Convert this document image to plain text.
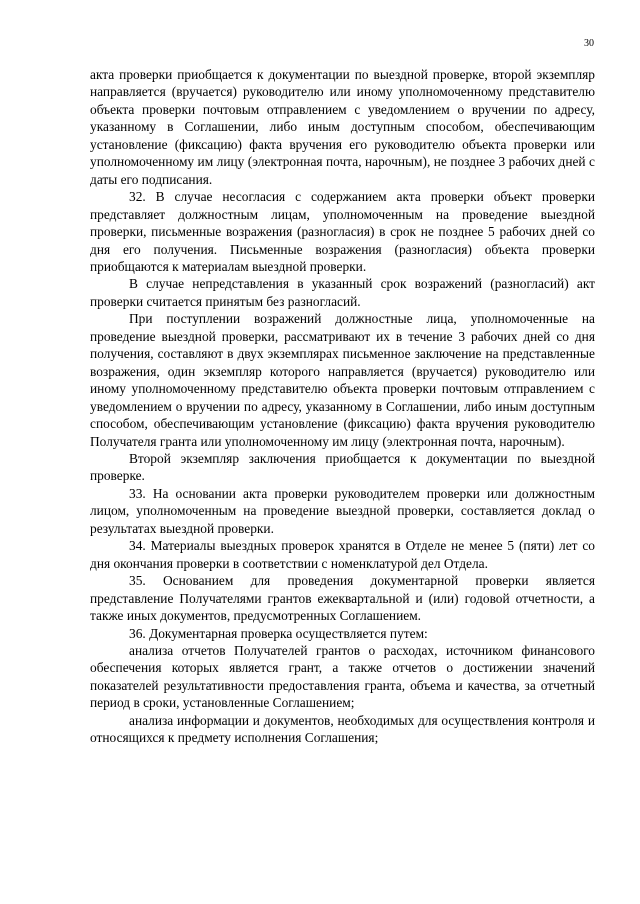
30

акта проверки приобщается к документации по выездной проверке, второй экземпляр направляется (вручается) руководителю или иному уполномоченному представителю объекта проверки почтовым отправлением с уведомлением о вручении по адресу, указанному в Соглашении, либо иным доступным способом, обеспечивающим установление (фиксацию) факта вручения его руководителю объекта проверки или уполномоченному им лицу (электронная почта, нарочным), не позднее 3 рабочих дней с даты его подписания.

32. В случае несогласия с содержанием акта проверки объект проверки представляет должностным лицам, уполномоченным на проведение выездной проверки, письменные возражения (разногласия) в срок не позднее 5 рабочих дней со дня его получения. Письменные возражения (разногласия) объекта проверки приобщаются к материалам выездной проверки.

В случае непредставления в указанный срок возражений (разногласий) акт проверки считается принятым без разногласий.

При поступлении возражений должностные лица, уполномоченные на проведение выездной проверки, рассматривают их в течение 3 рабочих дней со дня получения, составляют в двух экземплярах письменное заключение на представленные возражения, один экземпляр которого направляется (вручается) руководителю или иному уполномоченному представителю объекта проверки почтовым отправлением с уведомлением о вручении по адресу, указанному в Соглашении, либо иным доступным способом, обеспечивающим установление (фиксацию) факта вручения руководителю Получателя гранта или уполномоченному им лицу (электронная почта, нарочным).

Второй экземпляр заключения приобщается к документации по выездной проверке.

33. На основании акта проверки руководителем проверки или должностным лицом, уполномоченным на проведение выездной проверки, составляется доклад о результатах выездной проверки.

34. Материалы выездных проверок хранятся в Отделе не менее 5 (пяти) лет со дня окончания проверки в соответствии с номенклатурой дел Отдела.

35. Основанием для проведения документарной проверки является представление Получателями грантов ежеквартальной и (или) годовой отчетности, а также иных документов, предусмотренных Соглашением.

36. Документарная проверка осуществляется путем:

анализа отчетов Получателей грантов о расходах, источником финансового обеспечения которых является грант, а также отчетов о достижении значений показателей результативности предоставления гранта, объема и качества, за отчетный период в сроки, установленные Соглашением;

анализа информации и документов, необходимых для осуществления контроля и относящихся к предмету исполнения Соглашения;
